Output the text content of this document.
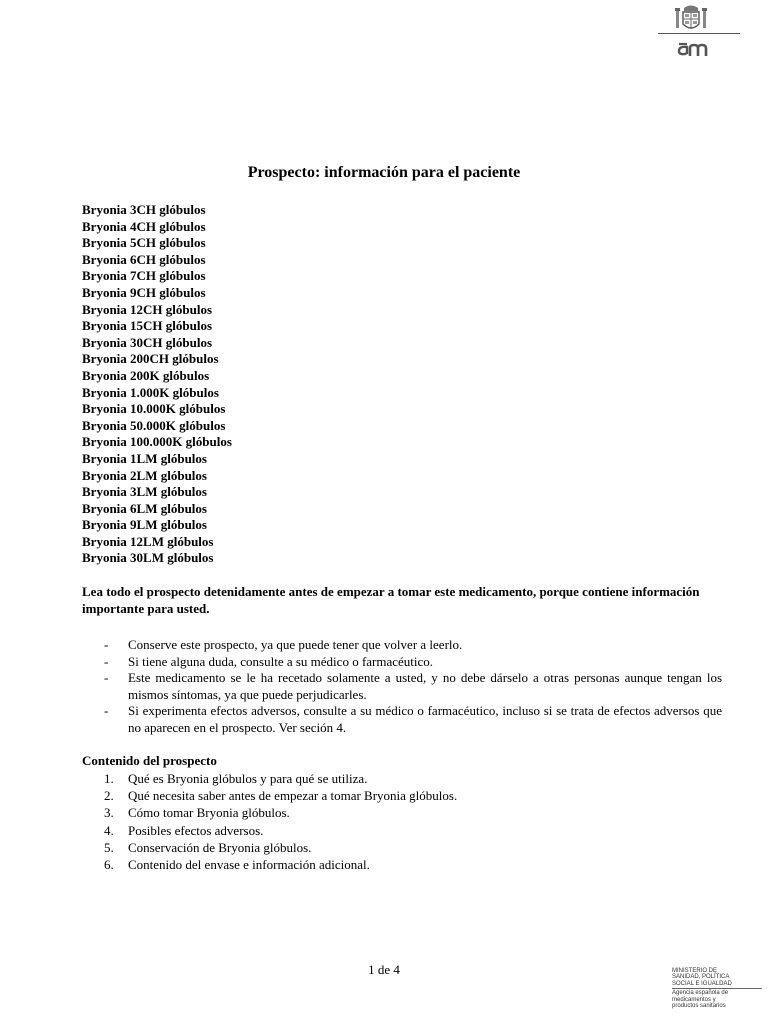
Prospecto: información para el paciente
Bryonia 3CH glóbulos
Bryonia 4CH glóbulos
Bryonia 5CH glóbulos
Bryonia 6CH glóbulos
Bryonia 7CH glóbulos
Bryonia 9CH glóbulos
Bryonia 12CH glóbulos
Bryonia 15CH glóbulos
Bryonia 30CH glóbulos
Bryonia 200CH glóbulos
Bryonia 200K glóbulos
Bryonia 1.000K glóbulos
Bryonia 10.000K glóbulos
Bryonia 50.000K glóbulos
Bryonia 100.000K glóbulos
Bryonia 1LM glóbulos
Bryonia 2LM glóbulos
Bryonia 3LM glóbulos
Bryonia 6LM glóbulos
Bryonia 9LM glóbulos
Bryonia 12LM glóbulos
Bryonia 30LM glóbulos

Lea todo el prospecto detenidamente antes de empezar a tomar este medicamento, porque contiene información importante para usted.

- Conserve este prospecto, ya que puede tener que volver a leerlo.
- Si tiene alguna duda, consulte a su médico o farmacéutico.
- Este medicamento se le ha recetado solamente a usted, y no debe dárselo a otras personas aunque tengan los mismos síntomas, ya que puede perjudicarles.
- Si experimenta efectos adversos, consulte a su médico o farmacéutico, incluso si se trata de efectos adversos que no aparecen en el prospecto. Ver seción 4.

Contenido del prospecto

1. Qué es Bryonia glóbulos y para qué se utiliza.
2. Qué necesita saber antes de empezar a tomar Bryonia glóbulos.
3. Cómo tomar Bryonia glóbulos.
4. Posibles efectos adversos.
5. Conservación de Bryonia glóbulos.
6. Contenido del envase e información adicional.
1 de 4	MINISTERIO DE
SANIDAD, POLÍTICA
SOCIAL E IGUALDAD
Agencia española de
medicamentos y
productos sanitarios
